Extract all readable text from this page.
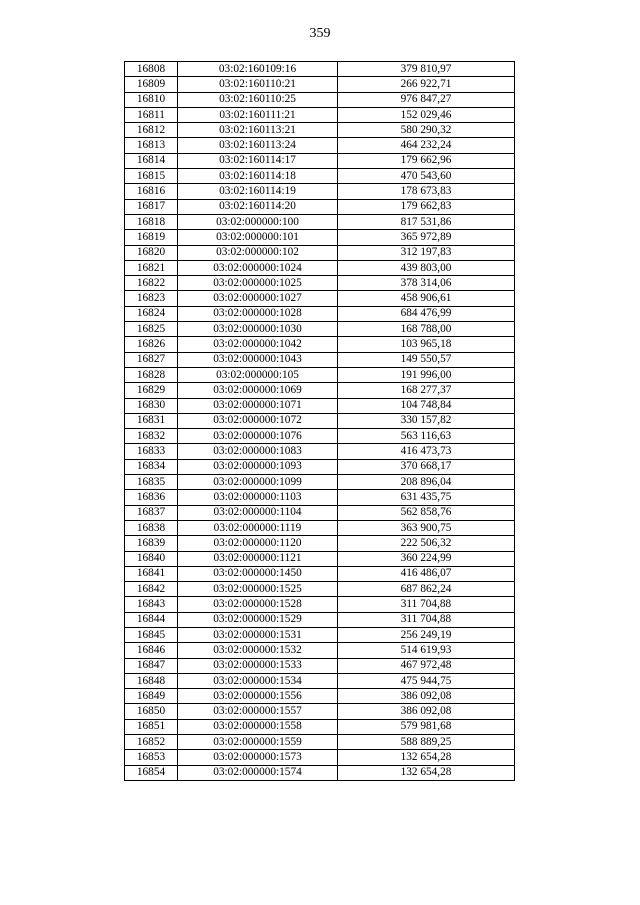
359
16808	03:02:160109:16	379 810,97
16809	03:02:160110:21	266 922,71
16810	03:02:160110:25	976 847,27
16811	03:02:160111:21	152 029,46
16812	03:02:160113:21	580 290,32
16813	03:02:160113:24	464 232,24
16814	03:02:160114:17	179 662,96
16815	03:02:160114:18	470 543,60
16816	03:02:160114:19	178 673,83
16817	03:02:160114:20	179 662,83
16818	03:02:000000:100	817 531,86
16819	03:02:000000:101	365 972,89
16820	03:02:000000:102	312 197,83
16821	03:02:000000:1024	439 803,00
16822	03:02:000000:1025	378 314,06
16823	03:02:000000:1027	458 906,61
16824	03:02:000000:1028	684 476,99
16825	03:02:000000:1030	168 788,00
16826	03:02:000000:1042	103 965,18
16827	03:02:000000:1043	149 550,57
16828	03:02:000000:105	191 996,00
16829	03:02:000000:1069	168 277,37
16830	03:02:000000:1071	104 748,84
16831	03:02:000000:1072	330 157,82
16832	03:02:000000:1076	563 116,63
16833	03:02:000000:1083	416 473,73
16834	03:02:000000:1093	370 668,17
16835	03:02:000000:1099	208 896,04
16836	03:02:000000:1103	631 435,75
16837	03:02:000000:1104	562 858,76
16838	03:02:000000:1119	363 900,75
16839	03:02:000000:1120	222 506,32
16840	03:02:000000:1121	360 224,99
16841	03:02:000000:1450	416 486,07
16842	03:02:000000:1525	687 862,24
16843	03:02:000000:1528	311 704,88
16844	03:02:000000:1529	311 704,88
16845	03:02:000000:1531	256 249,19
16846	03:02:000000:1532	514 619,93
16847	03:02:000000:1533	467 972,48
16848	03:02:000000:1534	475 944,75
16849	03:02:000000:1556	386 092,08
16850	03:02:000000:1557	386 092,08
16851	03:02:000000:1558	579 981,68
16852	03:02:000000:1559	588 889,25
16853	03:02:000000:1573	132 654,28
16854	03:02:000000:1574	132 654,28
